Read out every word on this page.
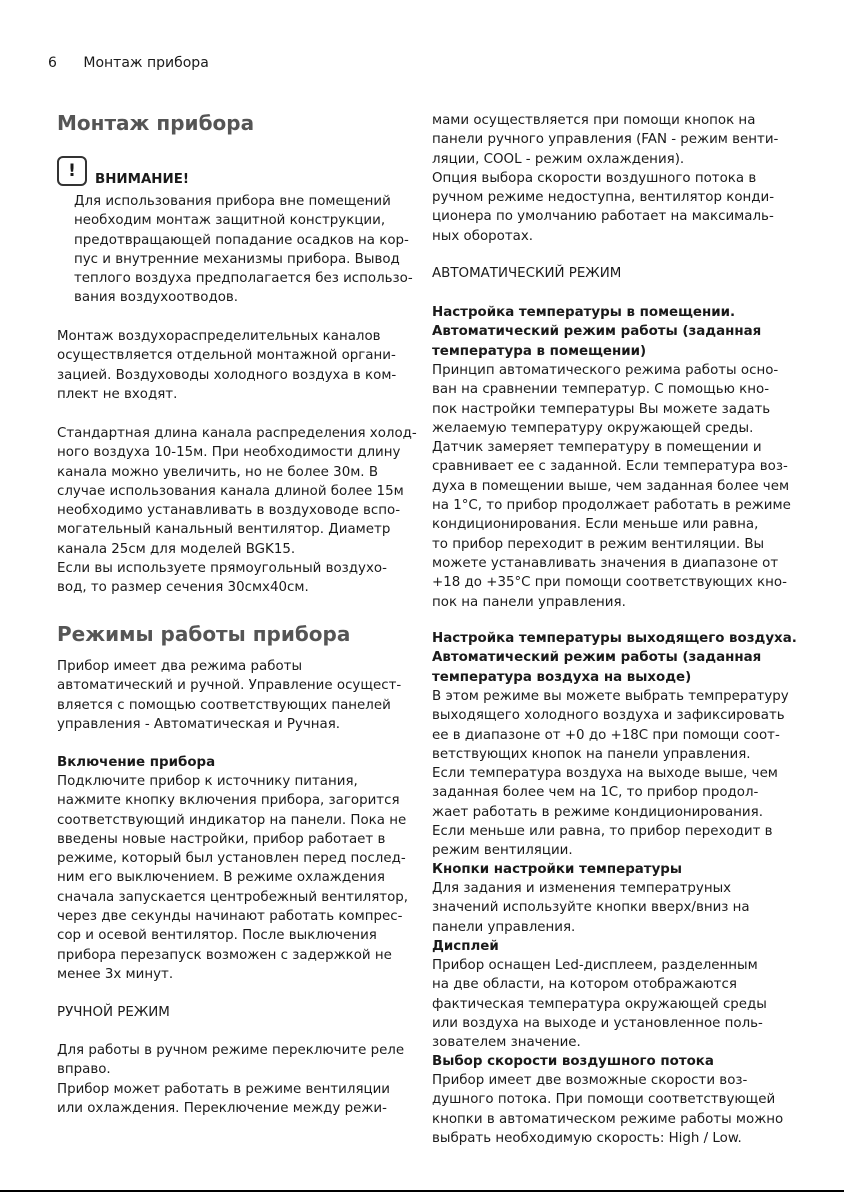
6 Монтаж прибора
Монтаж прибора
!	ВНИМАНИЕ!
Для использования прибора вне помещений
необходим монтаж защитной конструкции,
предотвращающей попадание осадков на кор-
пус и внутренние механизмы прибора. Вывод
теплого воздуха предполагается без использо-
вания воздухоотводов.
Монтаж воздухораспределительных каналов
осуществляется отдельной монтажной органи-
зацией. Воздуховоды холодного воздуха в ком-
плект не входят.
Стандартная длина канала распределения холод-
ного воздуха 10-15м. При необходимости длину
канала можно увеличить, но не более 30м. В
случае использования канала длиной более 15м
необходимо устанавливать в воздуховоде вспо-
могательный канальный вентилятор. Диаметр
канала 25см для моделей BGK15.
Если вы используете прямоугольный воздухо-
вод, то размер сечения 30смх40см.
Режимы работы прибора
Прибор имеет два режима работы
автоматический и ручной. Управление осущест-
вляется с помощью соответствующих панелей
управления - Автоматическая и Ручная.

Включение прибора

Подключите прибор к источнику питания,
нажмите кнопку включения прибора, загорится
соответствующий индикатор на панели. Пока не
введены новые настройки, прибор работает в
режиме, который был установлен перед послед-
ним его выключением. В режиме охлаждения
сначала запускается центробежный вентилятор,
через две секунды начинают работать компрес-
сор и осевой вентилятор. После выключения
прибора перезапуск возможен с задержкой не
менее 3х минут.

РУЧНОЙ РЕЖИМ

Для работы в ручном режиме переключите реле
вправо.
Прибор может работать в режиме вентиляции
или охлаждения. Переключение между режи-
мами осуществляется при помощи кнопок на
панели ручного управления (FAN - режим венти-
ляции, COOL - режим охлаждения).
Опция выбора скорости воздушного потока в
ручном режиме недоступна, вентилятор конди-
ционера по умолчанию работает на максималь-
ных оборотах.

АВТОМАТИЧЕСКИЙ РЕЖИМ

Настройка температуры в помещении.
Автоматический режим работы (заданная
температура в помещении)
Принцип автоматического режима работы осно-
ван на сравнении температур. С помощью кно-
пок настройки температуры Вы можете задать
желаемую температуру окружающей среды.
Датчик замеряет температуру в помещении и
сравнивает ее с заданной. Если температура воз-
духа в помещении выше, чем заданная более чем
на 1°С, то прибор продолжает работать в режиме
кондиционирования. Если меньше или равна,
то прибор переходит в режим вентиляции. Вы
можете устанавливать значения в диапазоне от
+18 до +35°С при помощи соответствующих кно-
пок на панели управления.
Настройка температуры выходящего воздуха.
Автоматический режим работы (заданная
температура воздуха на выходе)
В этом режиме вы можете выбрать темпрературу
выходящего холодного воздуха и зафиксировать
ее в диапазоне от +0 до +18С при помощи соот-
ветствующих кнопок на панели управления.
Если температура воздуха на выходе выше, чем
заданная более чем на 1С, то прибор продол-
жает работать в режиме кондиционирования.
Если меньше или равна, то прибор переходит в
режим вентиляции.

Кнопки настройки температуры

Для задания и изменения температруных
значений используйте кнопки вверх/вниз на
панели управления.

Дисплей

Прибор оснащен Led-дисплеем, разделенным
на две области, на котором отображаются
фактическая температура окружающей среды
или воздуха на выходе и установленное поль-
зователем значение.

Выбор скорости воздушного потока

Прибор имеет две возможные скорости воз-
душного потока. При помощи соответствующей
кнопки в автоматическом режиме работы можно
выбрать необходимую скорость: High / Low.
